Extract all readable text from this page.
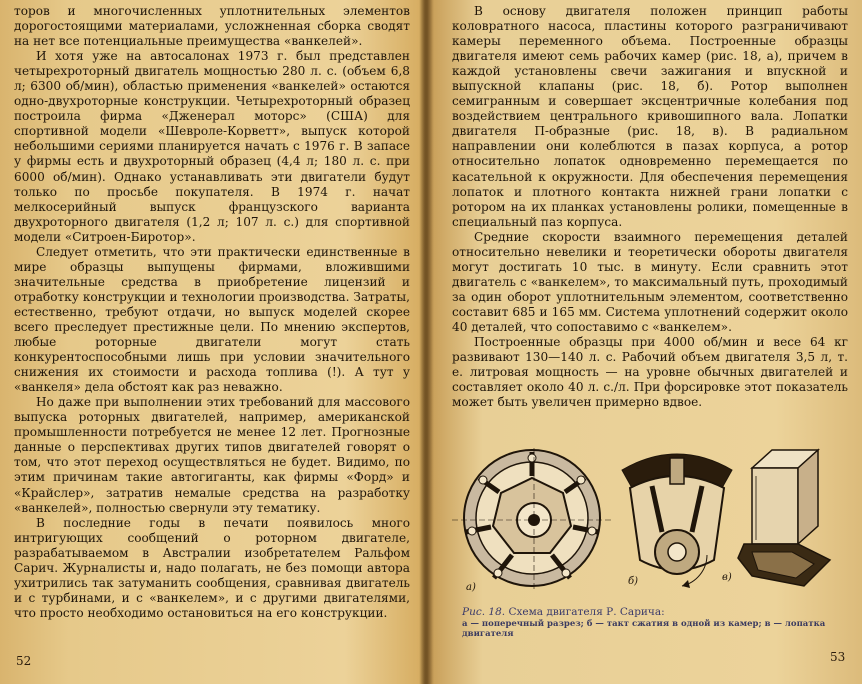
торов и многочисленных уплотнительных элементов дорогостоящими материалами, усложненная сборка сводят на нет все потенциальные преимущества «ванкелей».

И хотя уже на автосалонах 1973 г. был представлен четырехроторный двигатель мощностью 280 л. с. (объем 6,8 л; 6300 об/мин), областью применения «ванкелей» остаются одно-двухроторные конструкции. Четырехроторный образец построила фирма «Дженерал моторс» (США) для спортивной модели «Шевроле-Корветт», выпуск которой небольшими сериями планируется начать с 1976 г. В запасе у фирмы есть и двухроторный образец (4,4 л; 180 л. с. при 6000 об/мин). Однако устанавливать эти двигатели будут только по просьбе покупателя. В 1974 г. начат мелкосерийный выпуск французского варианта двухроторного двигателя (1,2 л; 107 л. с.) для спортивной модели «Ситроен-Биротор».

Следует отметить, что эти практически единственные в мире образцы выпущены фирмами, вложившими значительные средства в приобретение лицензий и отработку конструкции и технологии производства. Затраты, естественно, требуют отдачи, но выпуск моделей скорее всего преследует престижные цели. По мнению экспертов, любые роторные двигатели могут стать конкурентоспособными лишь при условии значительного снижения их стоимости и расхода топлива (!). А тут у «ванкеля» дела обстоят как раз неважно.

Но даже при выполнении этих требований для массового выпуска роторных двигателей, например, американской промышленности потребуется не менее 12 лет. Прогнозные данные о перспективах других типов двигателей говорят о том, что этот переход осуществляться не будет. Видимо, по этим причинам такие автогиганты, как фирмы «Форд» и «Крайслер», затратив немалые средства на разработку «ванкелей», полностью свернули эту тематику.

В последние годы в печати появилось много интригующих сообщений о роторном двигателе, разрабатываемом в Австралии изобретателем Ральфом Сарич. Журналисты и, надо полагать, не без помощи автора ухитрились так затуманить сообщения, сравнивая двигатель и с турбинами, и с «ванкелем», и с другими двигателями, что просто необходимо остановиться на его конструкции.

52

В основу двигателя положен принцип работы коловратного насоса, пластины которого разграничивают камеры переменного объема. Построенные образцы двигателя имеют семь рабочих камер (рис. 18, а), причем в каждой установлены свечи зажигания и впускной и выпускной клапаны (рис. 18, б). Ротор выполнен семигранным и совершает эксцентричные колебания под воздействием центрального кривошипного вала. Лопатки двигателя П-образные (рис. 18, в). В радиальном направлении они колеблются в пазах корпуса, а ротор относительно лопаток одновременно перемещается по касательной к окружности. Для обеспечения перемещения лопаток и плотного контакта нижней грани лопатки с ротором на их планках установлены ролики, помещенные в специальный паз корпуса.

Средние скорости взаимного перемещения деталей относительно невелики и теоретически обороты двигателя могут достигать 10 тыс. в минуту. Если сравнить этот двигатель с «ванкелем», то максимальный путь, проходимый за один оборот уплотнительным элементом, соответственно составит 685 и 165 мм. Система уплотнений содержит около 40 деталей, что сопоставимо с «ванкелем».

Построенные образцы при 4000 об/мин и весе 64 кг развивают 130—140 л. с. Рабочий объем двигателя 3,5 л, т. е. литровая мощность — на уровне обычных двигателей и составляет около 40 л. с./л. При форсировке этот показатель может быть увеличен примерно вдвое.

а)
б)	в)
Рис. 18. Схема двигателя Р. Сарича:
а — поперечный разрез; б — такт сжатия в одной из камер; в — лопатка двигателя
53
